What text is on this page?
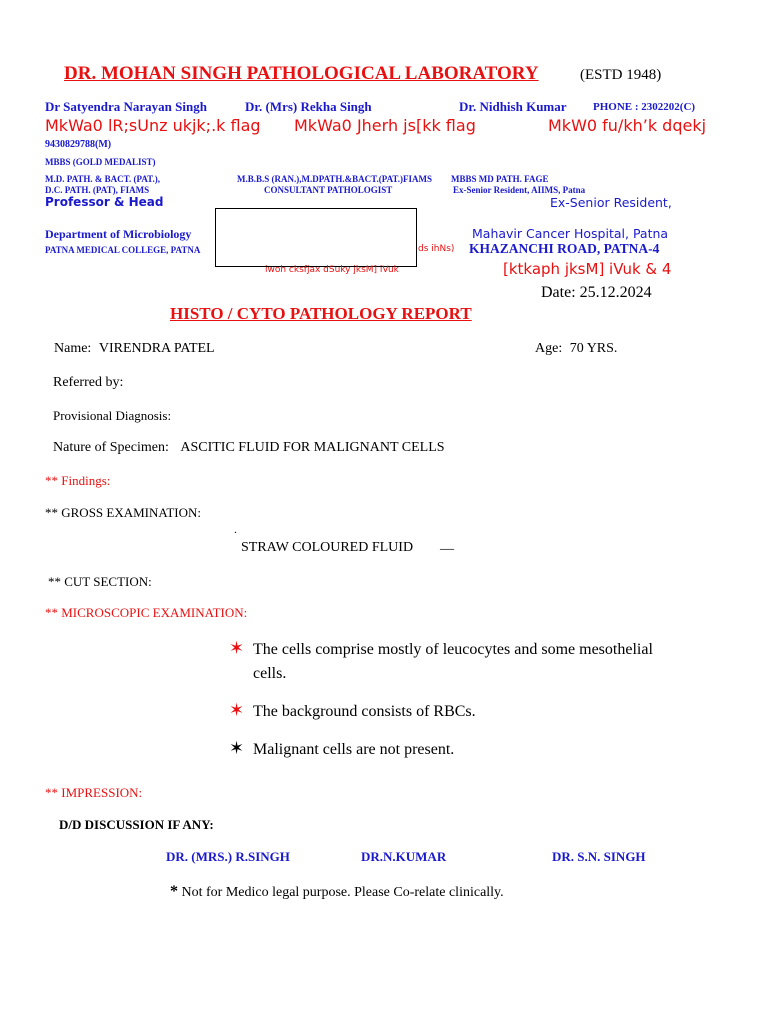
DR. MOHAN SINGH PATHOLOGICAL LABORATORY	(ESTD 1948)
Dr Satyendra Narayan Singh	Dr. (Mrs) Rekha Singh	Dr. Nidhish Kumar PHONE : 2302202(C)
MkWa0 lR;sUnz ukjk;.k flag MkWa0 Jherh js[kk flag	MkW0 fu/kh’k dqekj
9430829788(M)
MBBS (GOLD MEDALIST)
M.D. PATH. & BACT. (PAT.),
D.C. PATH. (PAT), FIAMS
M.B.B.S (RAN.),M.DPATH.&BACT.(PAT.)FIAMS
CONSULTANT PATHOLOGIST
MBBS MD PATH. FAGE
Ex-Senior Resident, AIIMS, Patna
Professor & Head	Ex-Senior Resident,
Department of Microbiology
PATNA MEDICAL COLLEGE, PATNA	ds ihNs)
iwoh cksfjax dSuky jksM] iVuk
Mahavir Cancer Hospital, Patna
KHAZANCHI ROAD, PATNA-4
[ktkaph jksM] iVuk & 4
Date: 25.12.2024
HISTO / CYTO PATHOLOGY REPORT
Name: VIRENDRA PATEL	Age: 70 YRS.
Referred by:
Provisional Diagnosis:
Nature of Specimen: ASCITIC FLUID FOR MALIGNANT CELLS
** Findings:
** GROSS EXAMINATION:
.
STRAW COLOURED FLUID __
** CUT SECTION:
** MICROSCOPIC EXAMINATION:
✶ The cells comprise mostly of leucocytes and some mesothelial
cells.
✶ The background consists of RBCs.
✶ Malignant cells are not present.
** IMPRESSION:
D/D DISCUSSION IF ANY:
DR. (MRS.) R.SINGH	DR.N.KUMAR	DR. S.N. SINGH
* Not for Medico legal purpose. Please Co-relate clinically.
